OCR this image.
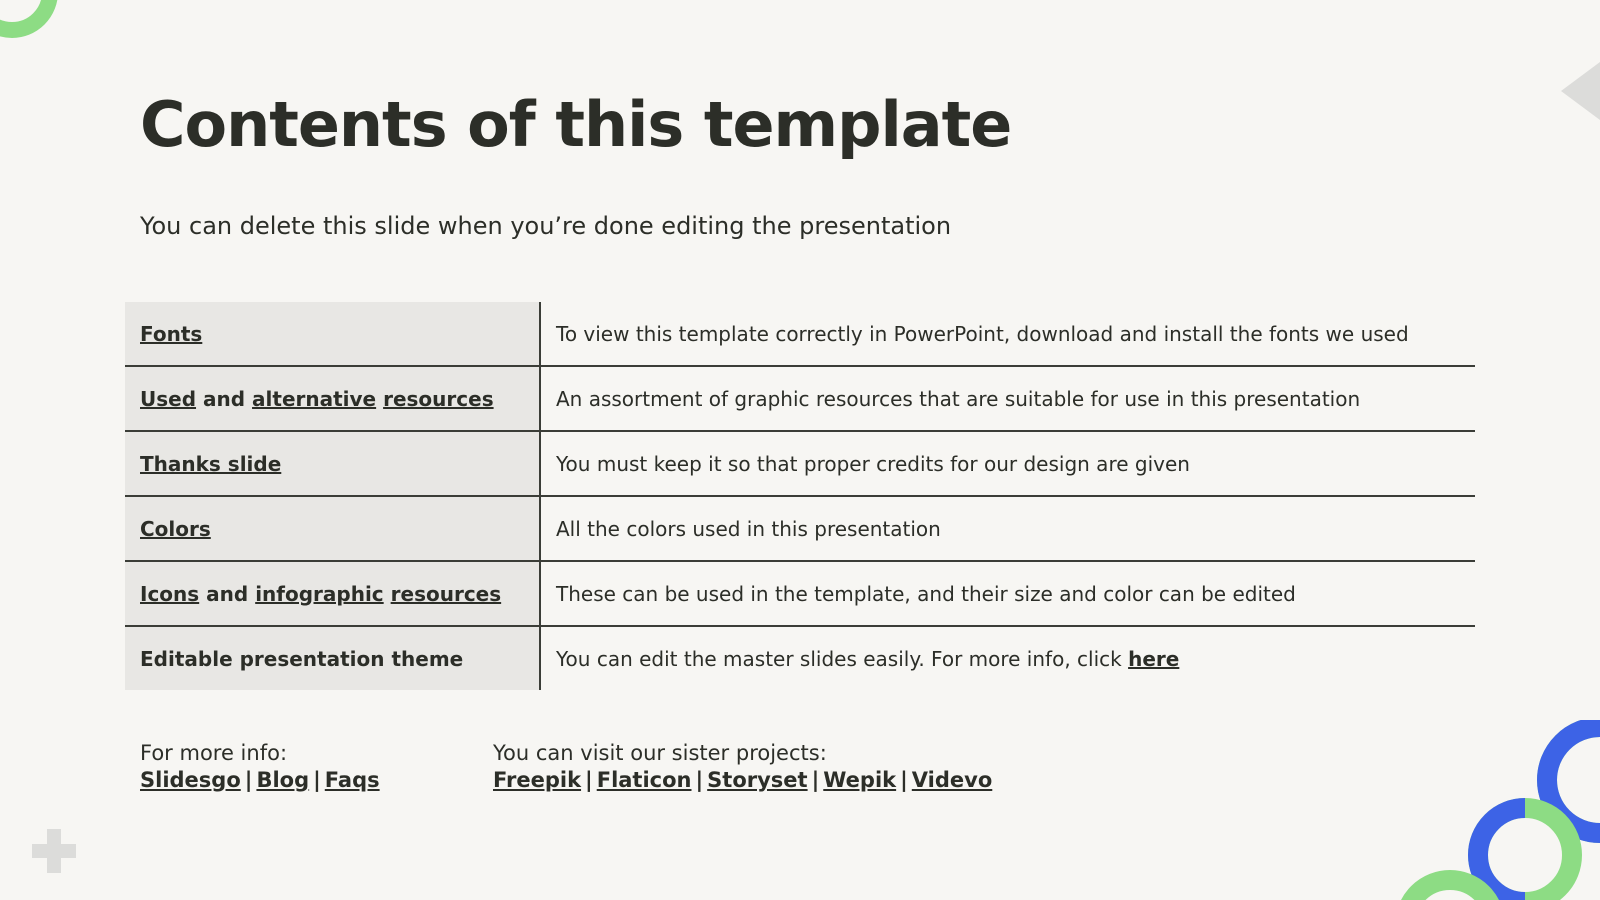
Contents of this template

You can delete this slide when you’re done editing the presentation

Fonts	To view this template correctly in PowerPoint, download and install the fonts we used
Used and alternative resources	An assortment of graphic resources that are suitable for use in this presentation
Thanks slide	You must keep it so that proper credits for our design are given
Colors	All the colors used in this presentation
Icons and infographic resources	These can be used in the template, and their size and color can be edited
Editable presentation theme	You can edit the master slides easily. For more info, click here
For more info:
Slidesgo | Blog | Faqs
You can visit our sister projects:
Freepik | Flaticon | Storyset | Wepik | Videvo
